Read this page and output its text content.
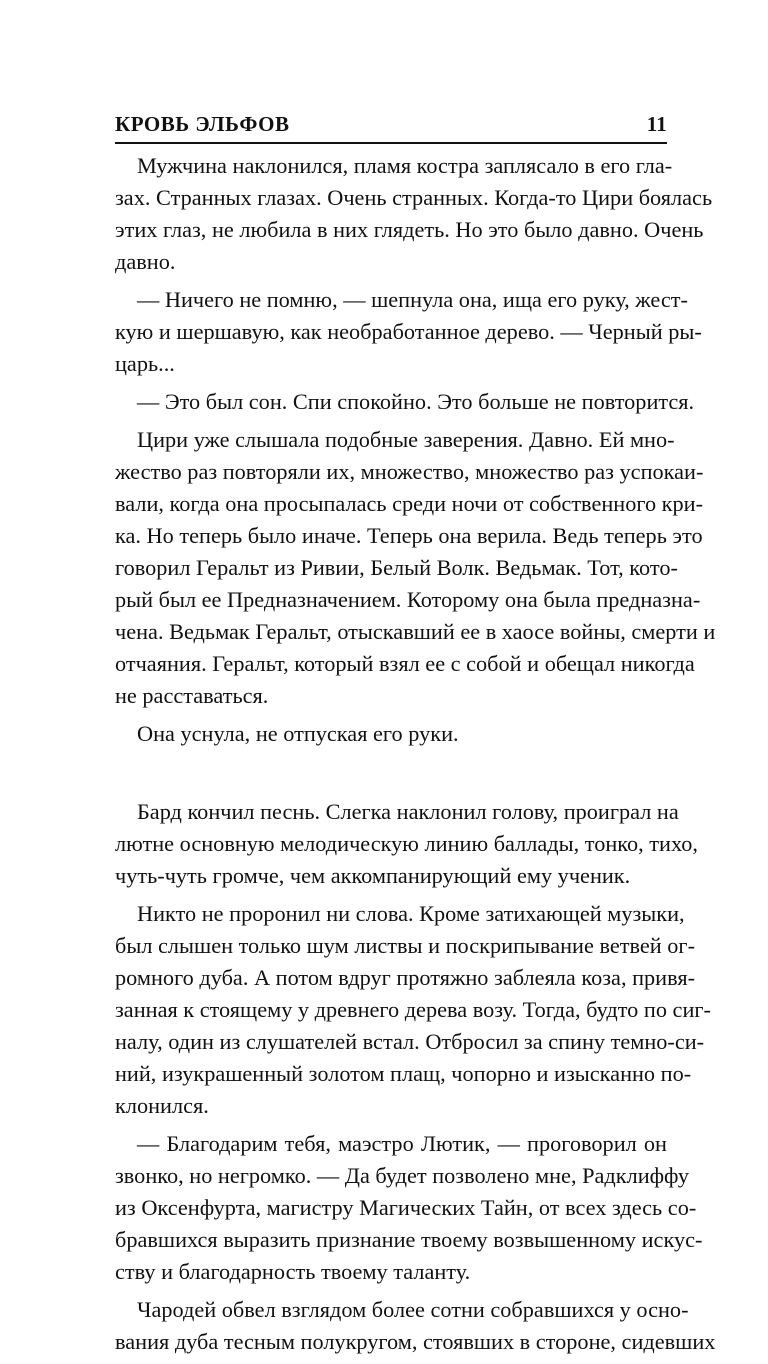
КРОВЬ ЭЛЬФОВ	11

Мужчина наклонился, пламя костра заплясало в его гла-
зах. Странных глазах. Очень странных. Когда-то Цири боялась
этих глаз, не любила в них глядеть. Но это было давно. Очень
давно.

— Ничего не помню, — шепнула она, ища его руку, жест-
кую и шершавую, как необработанное дерево. — Черный ры-
царь...

— Это был сон. Спи спокойно. Это больше не повторится.

Цири уже слышала подобные заверения. Давно. Ей мно-
жество раз повторяли их, множество, множество раз успокаи-
вали, когда она просыпалась среди ночи от собственного кри-
ка. Но теперь было иначе. Теперь она верила. Ведь теперь это
говорил Геральт из Ривии, Белый Волк. Ведьмак. Тот, кото-
рый был ее Предназначением. Которому она была предназна-
чена. Ведьмак Геральт, отыскавший ее в хаосе войны, смерти и
отчаяния. Геральт, который взял ее с собой и обещал никогда
не расставаться.

Она уснула, не отпуская его руки.

Бард кончил песнь. Слегка наклонил голову, проиграл на
лютне основную мелодическую линию баллады, тонко, тихо,
чуть-чуть громче, чем аккомпанирующий ему ученик.

Никто не проронил ни слова. Кроме затихающей музыки,
был слышен только шум листвы и поскрипывание ветвей ог-
ромного дуба. А потом вдруг протяжно заблеяла коза, привя-
занная к стоящему у древнего дерева возу. Тогда, будто по сиг-
налу, один из слушателей встал. Отбросил за спину темно-си-
ний, изукрашенный золотом плащ, чопорно и изысканно по-
клонился.

— Благодарим тебя, маэстро Лютик, — проговорил он
звонко, но негромко. — Да будет позволено мне, Радклиффу
из Оксенфурта, магистру Магических Тайн, от всех здесь со-
бравшихся выразить признание твоему возвышенному искус-
ству и благодарность твоему таланту.

Чародей обвел взглядом более сотни собравшихся у осно-
вания дуба тесным полукругом, стоявших в стороне, сидевших
